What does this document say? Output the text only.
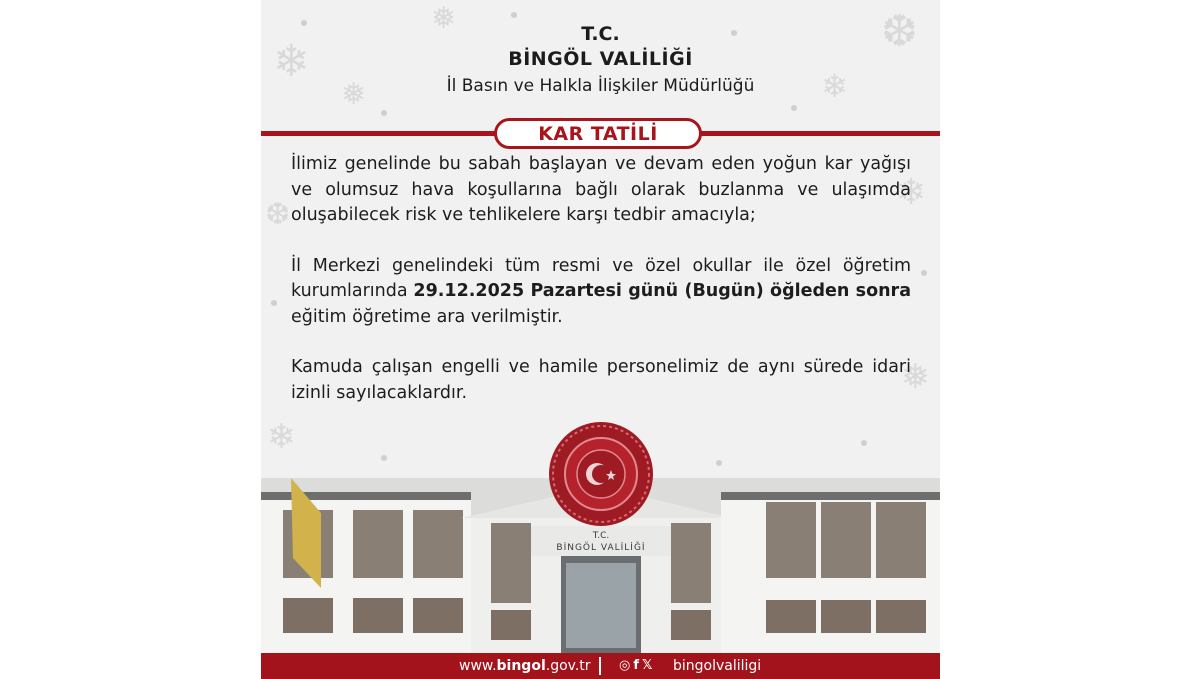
❄
❅	❆
❄
❅
❄
❆
❅
❄
T.C.
BİNGÖL VALİLİĞİ
İl Basın ve Halkla İlişkiler Müdürlüğü
KAR TATİLİ

İlimiz genelinde bu sabah başlayan ve devam eden yoğun kar yağışı ve olumsuz hava koşullarına bağlı olarak buzlanma ve ulaşımda oluşabilecek risk ve tehlikelere karşı tedbir amacıyla;

İl Merkezi genelindeki tüm resmi ve özel okullar ile özel öğretim kurumlarında 29.12.2025 Pazartesi günü (Bugün) öğleden sonra eğitim öğretime ara verilmiştir.

Kamuda çalışan engelli ve hamile personelimiz de aynı sürede idari izinli sayılacaklardır.

T.C.
BİNGÖL VALİLİĞİ
www.bingol.gov.tr ◎ f 𝕏 bingolvaliligi
